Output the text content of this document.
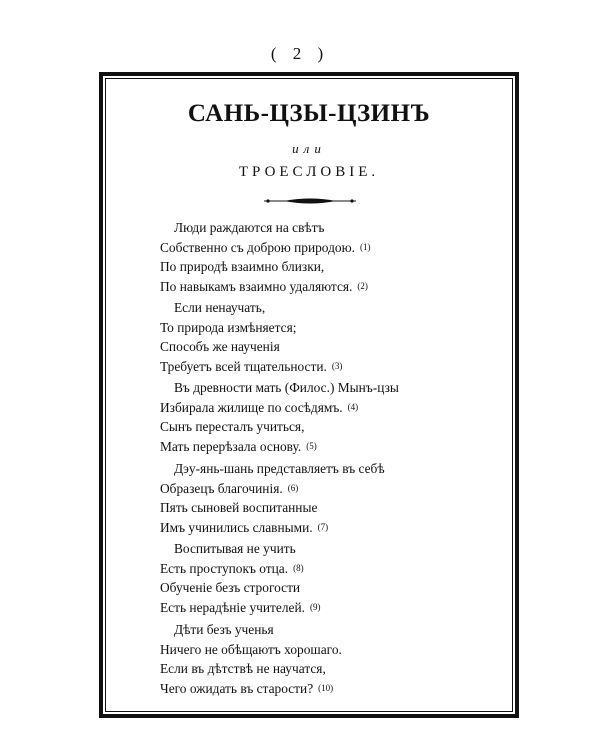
( 2 )
САНЬ-ЦЗЫ-ЦЗИНЪ
или
ТРОЕСЛОВІЕ.
Люди раждаются на свѣтъ
Собственно съ доброю природою. (1)
По природѣ взаимно близки,
По навыкамъ взаимно удаляются. (2)
Если ненаучать,
То природа измѣняется;
Способъ же наученія
Требуетъ всей тщательности. (3)
Въ древности мать (Филос.) Мынъ-цзы
Избирала жилище по сосѣдямъ. (4)
Сынъ пересталъ учиться,
Мать перерѣзала основу. (5)
Дэу-янь-шань представляетъ въ себѣ
Образецъ благочинія. (6)
Пять сыновей воспитанные
Имъ учинились славными. (7)
Воспитывая не учить
Есть проступокъ отца. (8)
Обученіе безъ строгости
Есть нерадѣніе учителей. (9)
Дѣти безъ ученья
Ничего не обѣщаютъ хорошаго.
Если въ дѣтствѣ не научатся,
Чего ожидать въ старости? (10)
